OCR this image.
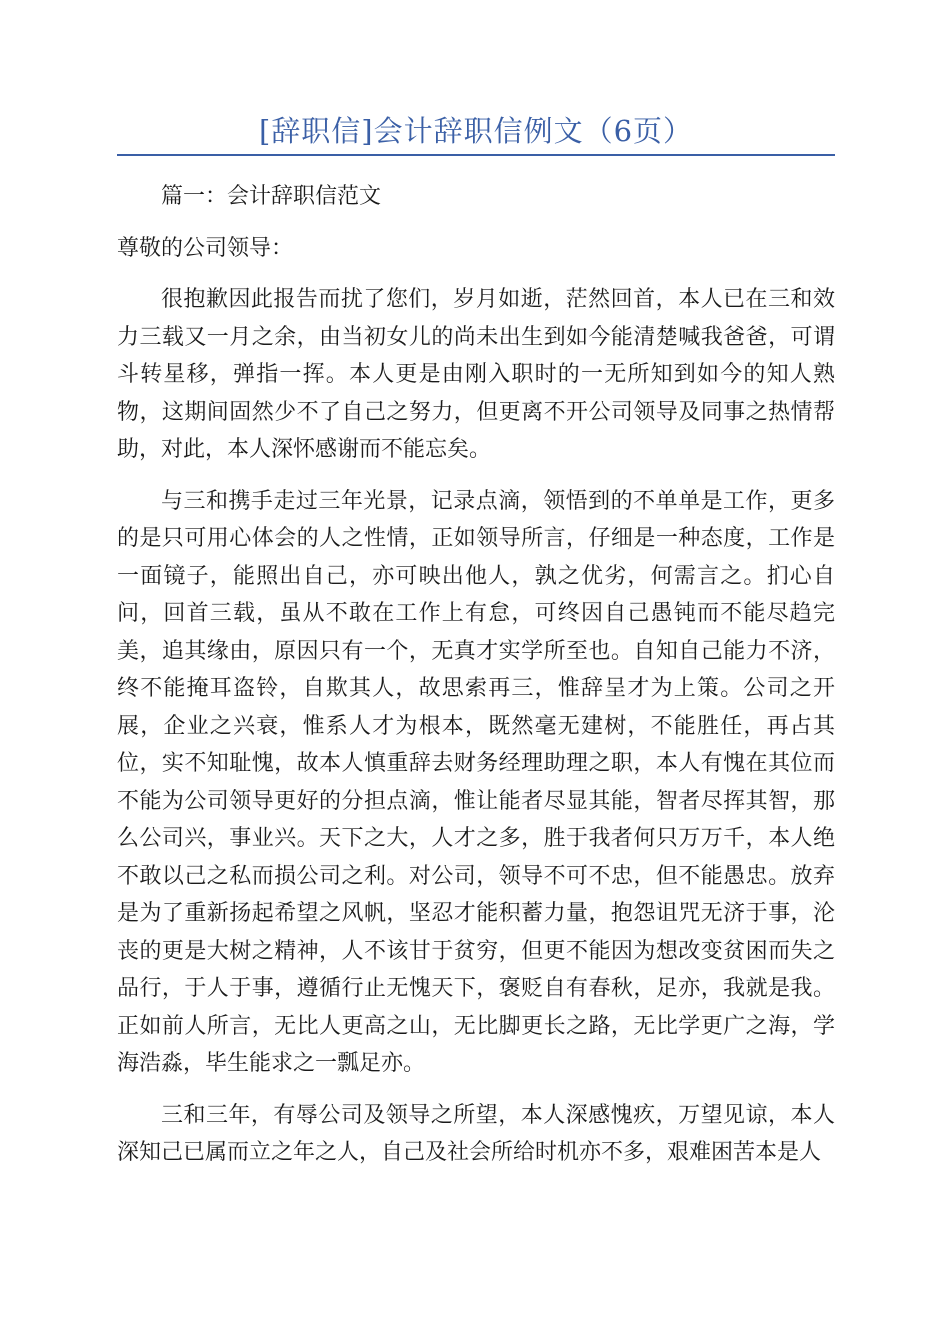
[辞职信]会计辞职信例文（6页）

篇一：会计辞职信范文

尊敬的公司领导：

很抱歉因此报告而扰了您们，岁月如逝，茫然回首，本人已在三和效力三载又一月之余，由当初女儿的尚未出生到如今能清楚喊我爸爸，可谓斗转星移，弹指一挥。本人更是由刚入职时的一无所知到如今的知人熟物，这期间固然少不了自己之努力，但更离不开公司领导及同事之热情帮助，对此，本人深怀感谢而不能忘矣。

与三和携手走过三年光景，记录点滴，领悟到的不单单是工作，更多的是只可用心体会的人之性情，正如领导所言，仔细是一种态度，工作是一面镜子，能照出自己，亦可映出他人，孰之优劣，何需言之。扪心自问，回首三载，虽从不敢在工作上有怠，可终因自己愚钝而不能尽趋完美，追其缘由，原因只有一个，无真才实学所至也。自知自己能力不济，终不能掩耳盗铃，自欺其人，故思索再三，惟辞呈才为上策。公司之开展，企业之兴衰，惟系人才为根本，既然毫无建树，不能胜任，再占其位，实不知耻愧，故本人慎重辞去财务经理助理之职，本人有愧在其位而不能为公司领导更好的分担点滴，惟让能者尽显其能，智者尽挥其智，那么公司兴，事业兴。天下之大，人才之多，胜于我者何只万万千，本人绝不敢以己之私而损公司之利。对公司，领导不可不忠，但不能愚忠。放弃是为了重新扬起希望之风帆，坚忍才能积蓄力量，抱怨诅咒无济于事，沦丧的更是大树之精神，人不该甘于贫穷，但更不能因为想改变贫困而失之品行，于人于事，遵循行止无愧天下，褒贬自有春秋，足亦，我就是我。正如前人所言，无比人更高之山，无比脚更长之路，无比学更广之海，学海浩淼，毕生能求之一瓢足亦。

三和三年，有辱公司及领导之所望，本人深感愧疚，万望见谅，本人深知己已属而立之年之人，自己及社会所给时机亦不多，艰难困苦本是人
